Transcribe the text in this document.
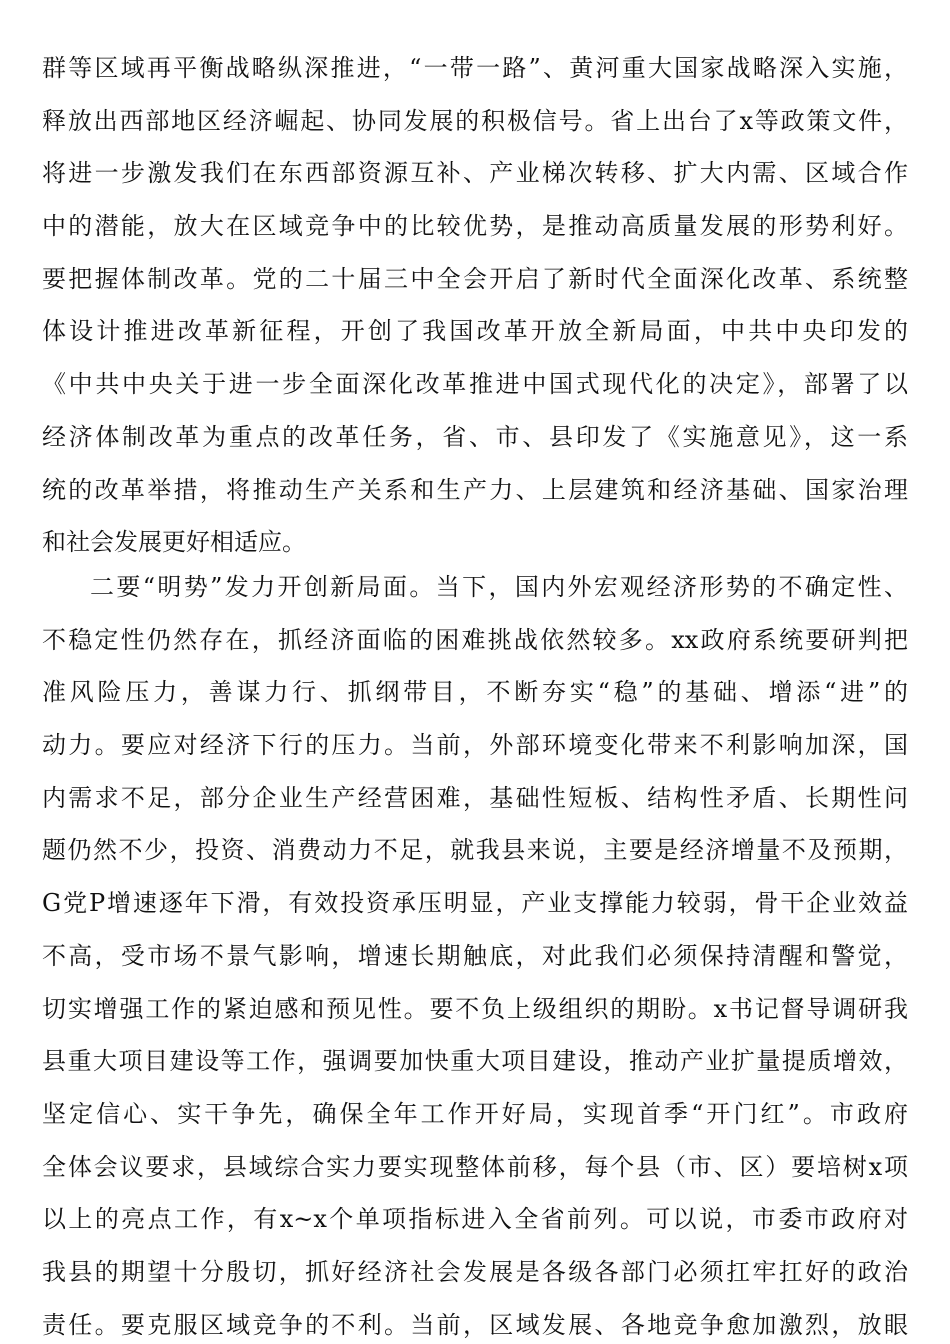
群等区域再平衡战略纵深推进，“一带一路”、黄河重大国家战略深入实施，
释放出西部地区经济崛起、协同发展的积极信号。省上出台了x等政策文件，
将进一步激发我们在东西部资源互补、产业梯次转移、扩大内需、区域合作
中的潜能，放大在区域竞争中的比较优势，是推动高质量发展的形势利好。
要把握体制改革。党的二十届三中全会开启了新时代全面深化改革、系统整
体设计推进改革新征程，开创了我国改革开放全新局面，中共中央印发的
《中共中央关于进一步全面深化改革推进中国式现代化的决定》，部署了以
经济体制改革为重点的改革任务，省、市、县印发了《实施意见》，这一系
统的改革举措，将推动生产关系和生产力、上层建筑和经济基础、国家治理
和社会发展更好相适应。
二要“明势”发力开创新局面。当下，国内外宏观经济形势的不确定性、
不稳定性仍然存在，抓经济面临的困难挑战依然较多。xx政府系统要研判把
准风险压力，善谋力行、抓纲带目，不断夯实“稳”的基础、增添“进”的
动力。要应对经济下行的压力。当前，外部环境变化带来不利影响加深，国
内需求不足，部分企业生产经营困难，基础性短板、结构性矛盾、长期性问
题仍然不少，投资、消费动力不足，就我县来说，主要是经济增量不及预期，
G党P增速逐年下滑，有效投资承压明显，产业支撑能力较弱，骨干企业效益
不高，受市场不景气影响，增速长期触底，对此我们必须保持清醒和警觉，
切实增强工作的紧迫感和预见性。要不负上级组织的期盼。x书记督导调研我
县重大项目建设等工作，强调要加快重大项目建设，推动产业扩量提质增效，
坚定信心、实干争先，确保全年工作开好局，实现首季“开门红”。市政府
全体会议要求，县域综合实力要实现整体前移，每个县（市、区）要培树x项
以上的亮点工作，有x~x个单项指标进入全省前列。可以说，市委市政府对
我县的期望十分殷切，抓好经济社会发展是各级各部门必须扛牢扛好的政治
责任。要克服区域竞争的不利。当前，区域发展、各地竞争愈加激烈，放眼
